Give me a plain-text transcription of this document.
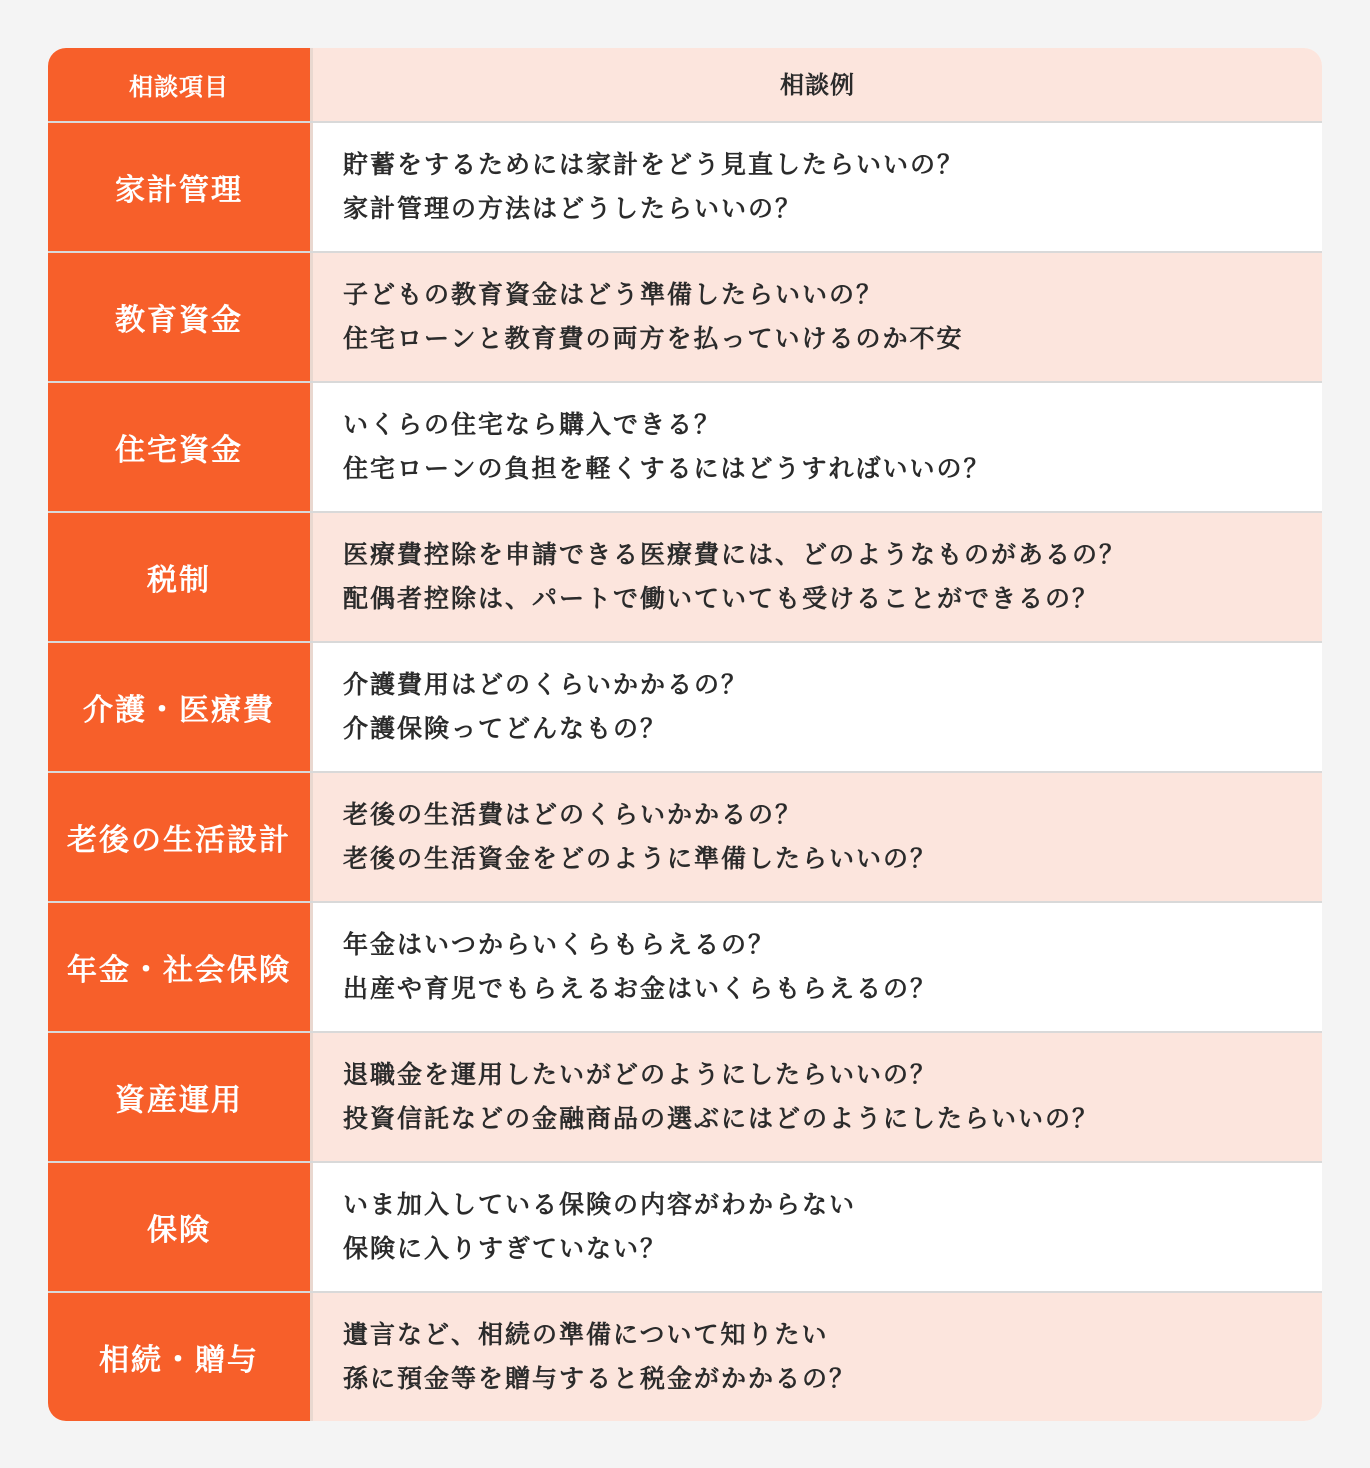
相談項目	相談例
家計管理
貯蓄をするためには家計をどう見直したらいいの？
家計管理の方法はどうしたらいいの？
教育資金
子どもの教育資金はどう準備したらいいの？
住宅ローンと教育費の両方を払っていけるのか不安
住宅資金
いくらの住宅なら購入できる？
住宅ローンの負担を軽くするにはどうすればいいの？
税制
医療費控除を申請できる医療費には、どのようなものがあるの？
配偶者控除は、パートで働いていても受けることができるの？
介護・医療費
介護費用はどのくらいかかるの？
介護保険ってどんなもの？
老後の生活設計
老後の生活費はどのくらいかかるの？
老後の生活資金をどのように準備したらいいの？
年金・社会保険
年金はいつからいくらもらえるの？
出産や育児でもらえるお金はいくらもらえるの？
資産運用
退職金を運用したいがどのようにしたらいいの？
投資信託などの金融商品の選ぶにはどのようにしたらいいの？
保険
いま加入している保険の内容がわからない
保険に入りすぎていない？
相続・贈与
遺言など、相続の準備について知りたい
孫に預金等を贈与すると税金がかかるの？
